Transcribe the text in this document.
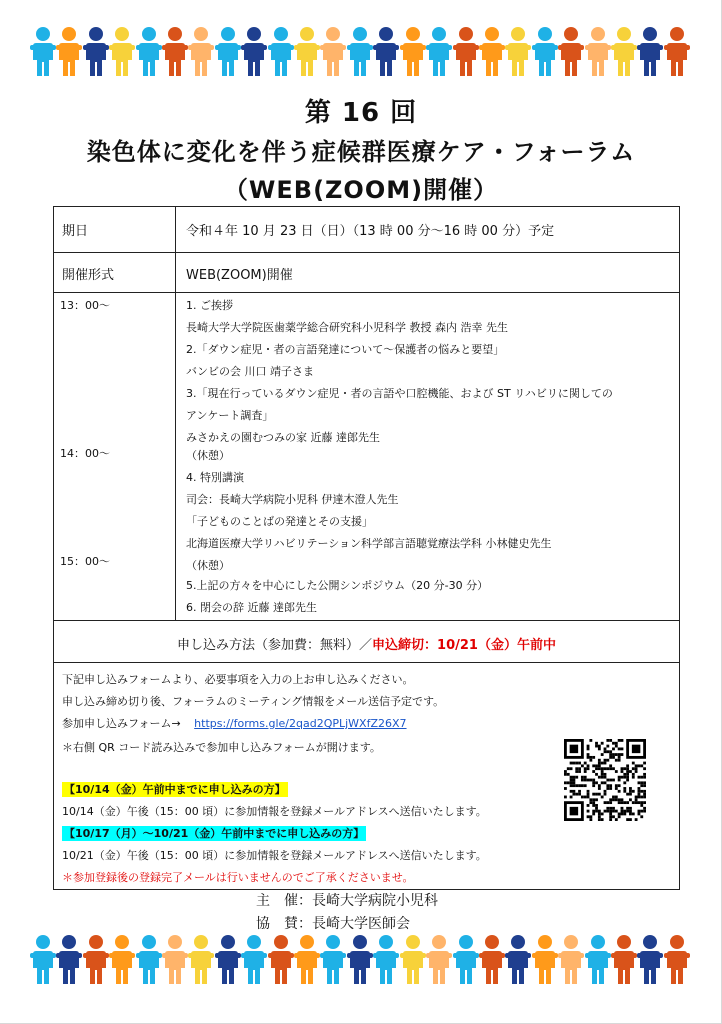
第 16 回
染色体に変化を伴う症候群医療ケア・フォーラム
（WEB(ZOOM)開催）
期日	令和４年 10 月 23 日（日）（13 時 00 分～16 時 00 分）予定
開催形式	WEB(ZOOM)開催
13：00～
14：00～
15：00～
1. ご挨拶
長崎大学大学院医歯薬学総合研究科小児科学 教授 森内 浩幸 先生
2.「ダウン症児・者の言語発達について～保護者の悩みと要望」
バンビの会 川口 靖子さま
3.「現在行っているダウン症児・者の言語や口腔機能、および ST リハビリに関しての
アンケート調査」
みさかえの園むつみの家 近藤 達郎先生
（休憩）
4. 特別講演
司会：長崎大学病院小児科 伊達木澄人先生
「子どものことばの発達とその支援」
北海道医療大学リハビリテーション科学部言語聴覚療法学科 小林健史先生
（休憩）
5.上記の方々を中心にした公開シンポジウム（20 分-30 分）
6. 閉会の辞 近藤 達郎先生
申し込み方法（参加費：無料）／申込締切：10/21（金）午前中
下記申し込みフォームより、必要事項を入力の上お申し込みください。
申し込み締め切り後、フォーラムのミーティング情報をメール送信予定です。
参加申し込みフォーム→ https://forms.gle/2qad2QPLjWXfZ26X7
＊右側 QR コード読み込みで参加申し込みフォームが開けます。
【10/14（金）午前中までに申し込みの方】
10/14（金）午後（15：00 頃）に参加情報を登録メールアドレスへ送信いたします。
【10/17（月）～10/21（金）午前中までに申し込みの方】
10/21（金）午後（15：00 頃）に参加情報を登録メールアドレスへ送信いたします。
＊参加登録後の登録完了メールは行いませんのでご了承くださいませ。
主　催：長崎大学病院小児科
協　賛：長崎大学医師会
